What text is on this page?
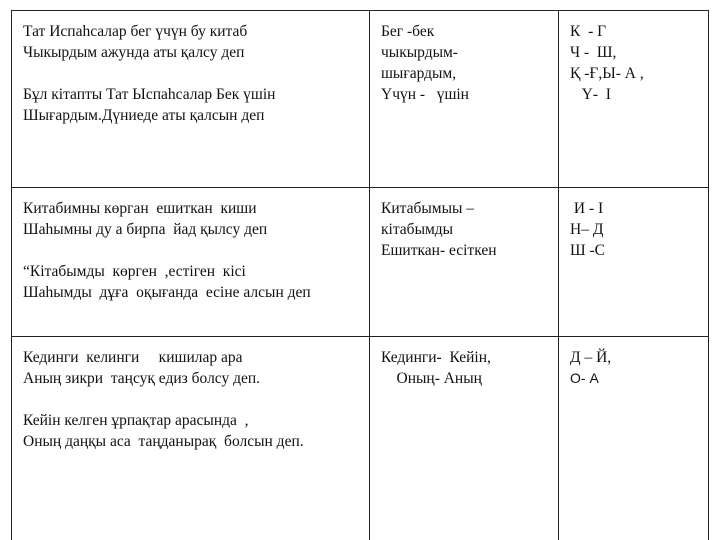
Тат Испаһсалар бег үчүн бу китаб
Чыкырдым ажунда аты қалсу деп
Бұл кітапты Тат Ыспаһсалар Бек үшін
Шығардым.Дүниеде аты қалсын деп	Бег -бек
чыкырдым-
шығардым,
Үчүн -   үшін	К  - Г
Ч -  Ш,
Қ -Ғ,Ы- А ,
Ү-  І

Китабимны көрган  ешиткан  киши
Шаһымны ду а бирпа  йад қылсу деп
“Кітабымды  көрген  ,естіген  кісі
Шаһымды  дұға  оқығанда  есіне алсын деп	Китабымыы –
кітабымды
Ешиткан- есіткен	И - І
Н– Д
Ш -С

Кединги  келинги     кишилар ара
Аның зикри  таңсуқ едиз болсу деп.
Кейін келген ұрпақтар арасында  ,
Оның даңқы аса  таңданырақ  болсын деп.	Кединги-  Кейін,
Оның- Аның	Д – Й,
О- А
